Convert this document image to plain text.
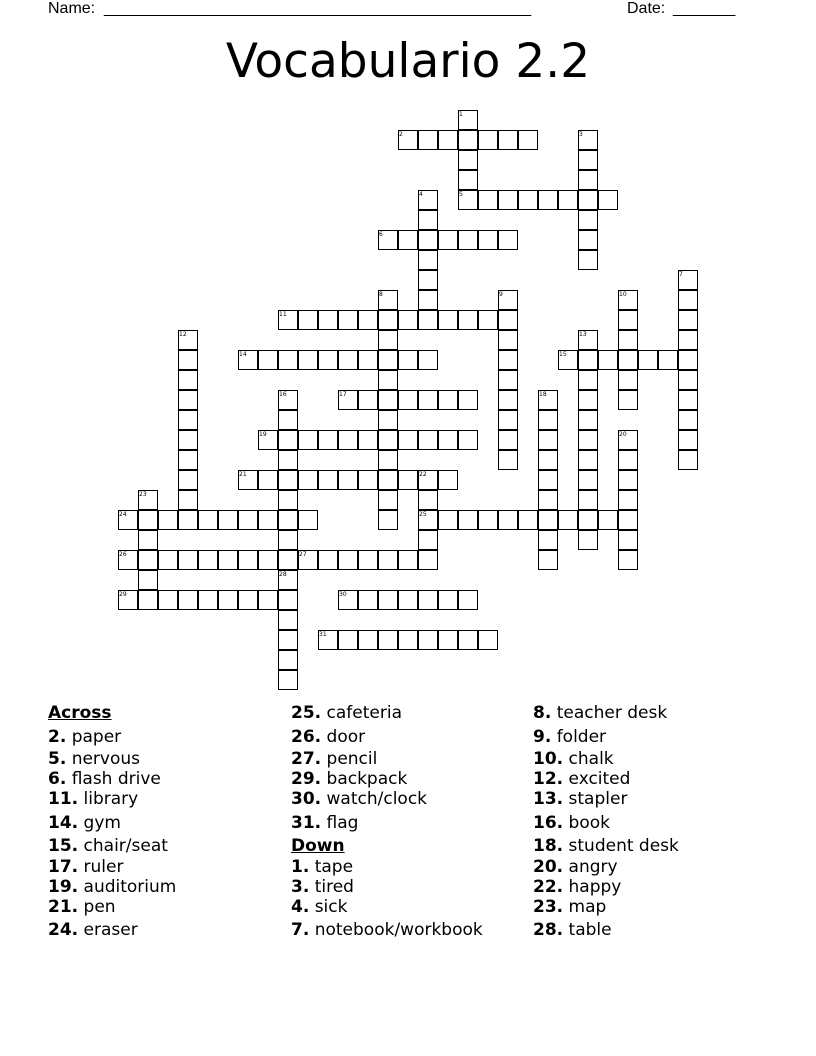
Name: ________________________________________________	Date: _______
Vocabulario 2.2
1
2	3
4	5
6
7
8	9	10
11
12	13
14	15
16	17	18
19	20
21	22
23
24	25
26	27
28
29	30
31
Across
2. paper
5. nervous
6. flash drive
11. library
14. gym
15. chair/seat
17. ruler
19. auditorium
21. pen
24. eraser
25. cafeteria
26. door
27. pencil
29. backpack
30. watch/clock
31. flag
Down
1. tape
3. tired
4. sick
7. notebook/workbook
8. teacher desk
9. folder
10. chalk
12. excited
13. stapler
16. book
18. student desk
20. angry
22. happy
23. map
28. table
